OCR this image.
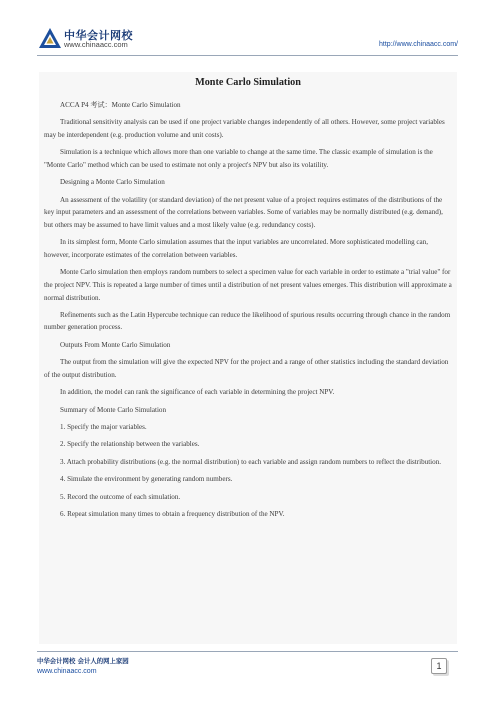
中华会计网校
www.chinaacc.com	http://www.chinaacc.com/
Monte Carlo Simulation

ACCA P4 考试：Monte Carlo Simulation

Traditional sensitivity analysis can be used if one project variable changes independently of all others. However, some project variables may be interdependent (e.g. production volume and unit costs).

Simulation is a technique which allows more than one variable to change at the same time. The classic example of simulation is the "Monte Carlo" method which can be used to estimate not only a project's NPV but also its volatility.

Designing a Monte Carlo Simulation

An assessment of the volatility (or standard deviation) of the net present value of a project requires estimates of the distributions of the key input parameters and an assessment of the correlations between variables. Some of variables may be normally distributed (e.g. demand), but others may be assumed to have limit values and a most likely value (e.g. redundancy costs).

In its simplest form, Monte Carlo simulation assumes that the input variables are uncorrelated. More sophisticated modelling can, however, incorporate estimates of the correlation between variables.

Monte Carlo simulation then employs random numbers to select a specimen value for each variable in order to estimate a "trial value" for the project NPV. This is repeated a large number of times until a distribution of net present values emerges. This distribution will approximate a normal distribution.

Refinements such as the Latin Hypercube technique can reduce the likelihood of spurious results occurring through chance in the random number generation process.

Outputs From Monte Carlo Simulation

The output from the simulation will give the expected NPV for the project and a range of other statistics including the standard deviation of the output distribution.

In addition, the model can rank the significance of each variable in determining the project NPV.

Summary of Monte Carlo Simulation

1. Specify the major variables.

2. Specify the relationship between the variables.

3. Attach probability distributions (e.g. the normal distribution) to each variable and assign random numbers to reflect the distribution.

4. Simulate the environment by generating random numbers.

5. Record the outcome of each simulation.

6. Repeat simulation many times to obtain a frequency distribution of the NPV.

中华会计网校 会计人的网上家园
www.chinaacc.com
1
